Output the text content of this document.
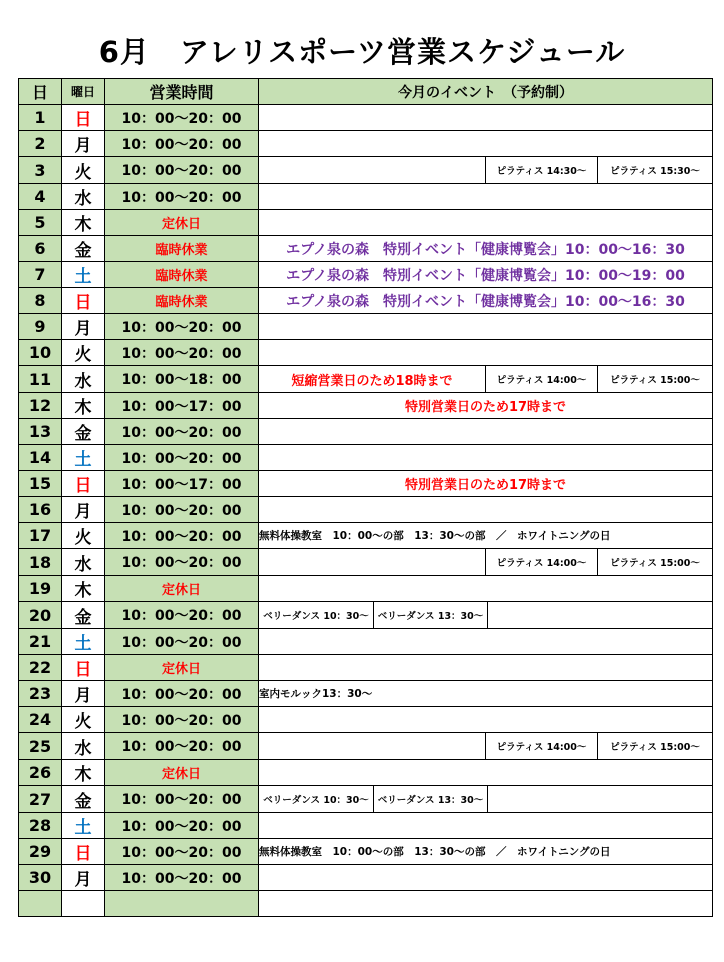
6月　アレリスポーツ営業スケジュール
日	曜日	営業時間	今月のイベント　（予約制）
1	日	10：00～20：00	
2	月	10：00～20：00	
3	火	10：00～20：00	ピラティス 14:30～ ピラティス 15:30～

4	水	10：00～20：00	
5	木	定休日	
6	金	臨時休業	エプノ泉の森　特別イベント「健康博覧会」10：00～16：30
7	土	臨時休業	エプノ泉の森　特別イベント「健康博覧会」10：00～19：00
8	日	臨時休業	エプノ泉の森　特別イベント「健康博覧会」10：00～16：30
9	月	10：00～20：00	
10	火	10：00～20：00	
11	水	10：00～18：00	短縮営業日のため18時まで ピラティス 14:00～ ピラティス 15:00～

12	木	10：00～17：00	特別営業日のため17時まで
13	金	10：00～20：00	
14	土	10：00～20：00	
15	日	10：00～17：00	特別営業日のため17時まで
16	月	10：00～20：00	
17	火	10：00～20：00	無料体操教室　10：00～の部　13：30～の部　／　ホワイトニングの日
18	水	10：00～20：00	ピラティス 14:00～ ピラティス 15:00～

19	木	定休日	
20	金	10：00～20：00	ベリーダンス 10：30～ ベリーダンス 13：30～

21	土	10：00～20：00	
22	日	定休日	
23	月	10：00～20：00	室内モルック13：30～
24	火	10：00～20：00	
25	水	10：00～20：00	ピラティス 14:00～ ピラティス 15:00～

26	木	定休日	
27	金	10：00～20：00	ベリーダンス 10：30～ ベリーダンス 13：30～

28	土	10：00～20：00	
29	日	10：00～20：00	無料体操教室　10：00～の部　13：30～の部　／　ホワイトニングの日
30	月	10：00～20：00	
